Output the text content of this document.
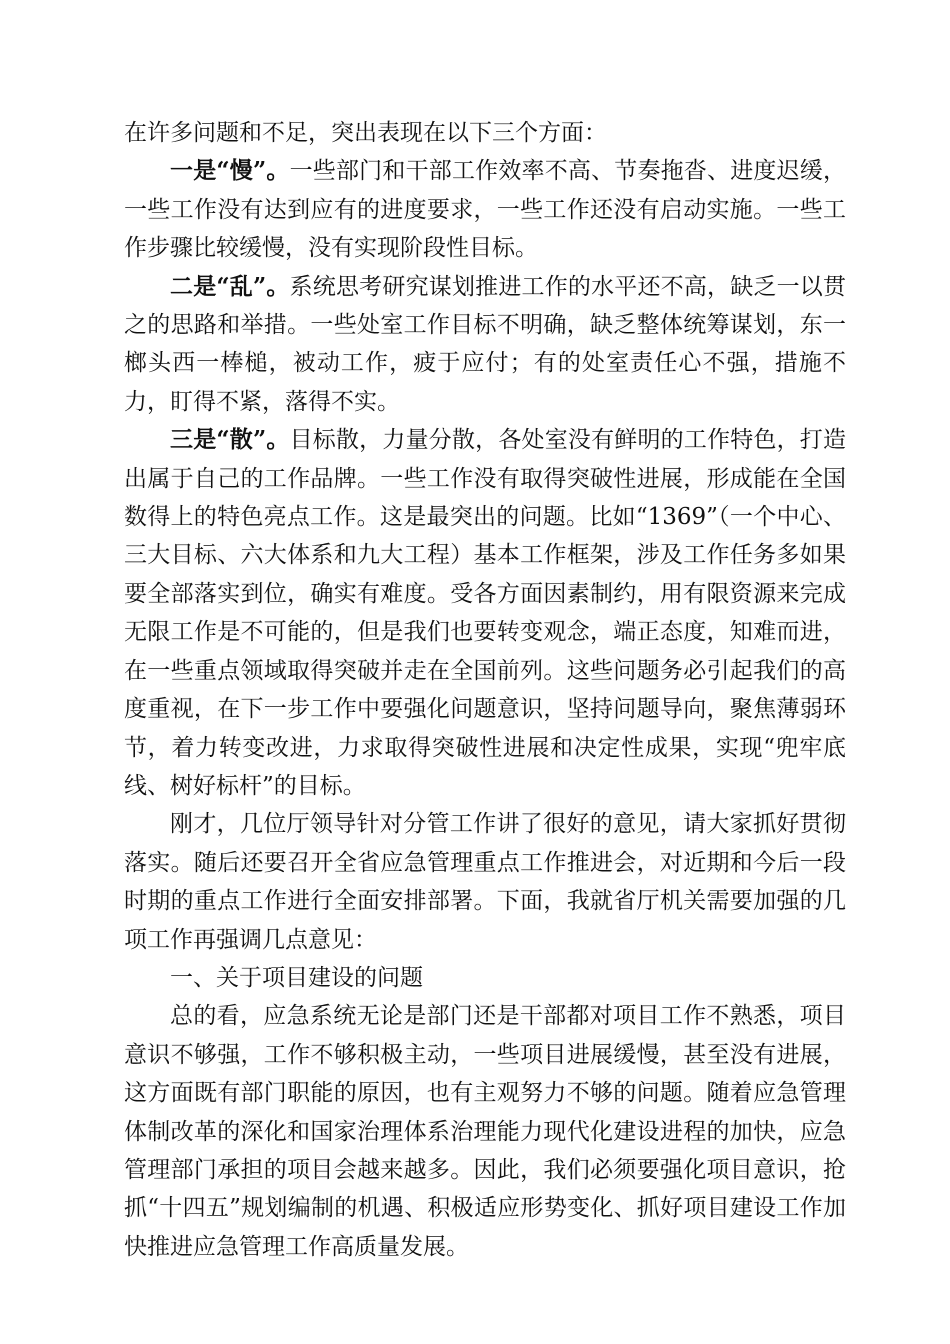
在许多问题和不足，突出表现在以下三个方面：

一是“慢”。一些部门和干部工作效率不高、节奏拖沓、进度迟缓，一些工作没有达到应有的进度要求，一些工作还没有启动实施。一些工作步骤比较缓慢，没有实现阶段性目标。

二是“乱”。系统思考研究谋划推进工作的水平还不高，缺乏一以贯之的思路和举措。一些处室工作目标不明确，缺乏整体统筹谋划，东一榔头西一棒槌，被动工作，疲于应付；有的处室责任心不强，措施不力，盯得不紧，落得不实。

三是“散”。目标散，力量分散，各处室没有鲜明的工作特色，打造出属于自己的工作品牌。一些工作没有取得突破性进展，形成能在全国数得上的特色亮点工作。这是最突出的问题。比如“1369”（一个中心、三大目标、六大体系和九大工程）基本工作框架，涉及工作任务多如果要全部落实到位，确实有难度。受各方面因素制约，用有限资源来完成无限工作是不可能的，但是我们也要转变观念，端正态度，知难而进，在一些重点领域取得突破并走在全国前列。这些问题务必引起我们的高度重视，在下一步工作中要强化问题意识，坚持问题导向，聚焦薄弱环节，着力转变改进，力求取得突破性进展和决定性成果，实现“兜牢底线、树好标杆”的目标。

刚才，几位厅领导针对分管工作讲了很好的意见，请大家抓好贯彻落实。随后还要召开全省应急管理重点工作推进会，对近期和今后一段时期的重点工作进行全面安排部署。下面，我就省厅机关需要加强的几项工作再强调几点意见：

一、关于项目建设的问题

总的看，应急系统无论是部门还是干部都对项目工作不熟悉，项目意识不够强，工作不够积极主动，一些项目进展缓慢，甚至没有进展，这方面既有部门职能的原因，也有主观努力不够的问题。随着应急管理体制改革的深化和国家治理体系治理能力现代化建设进程的加快，应急管理部门承担的项目会越来越多。因此，我们必须要强化项目意识，抢抓“十四五”规划编制的机遇、积极适应形势变化、抓好项目建设工作加快推进应急管理工作高质量发展。
